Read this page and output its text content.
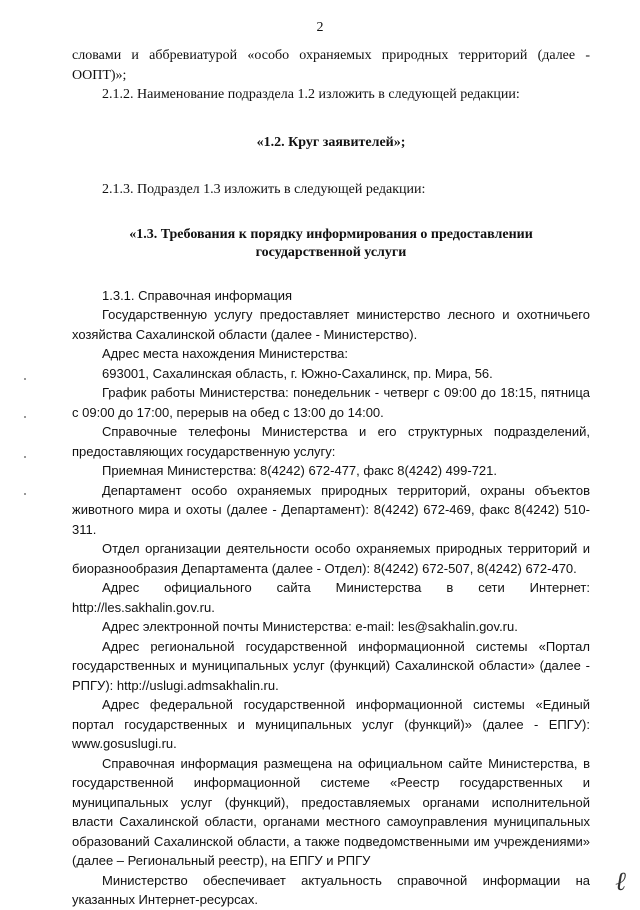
2

словами и аббревиатурой «особо охраняемых природных территорий (далее - ООПТ)»;

2.1.2. Наименование подраздела 1.2 изложить в следующей редакции:

«1.2. Круг заявителей»;

2.1.3. Подраздел 1.3 изложить в следующей редакции:

«1.3. Требования к порядку информирования о предоставлении государственной услуги

1.3.1. Справочная информация

Государственную услугу предоставляет министерство лесного и охотничьего хозяйства Сахалинской области (далее - Министерство).

Адрес места нахождения Министерства:

693001, Сахалинская область, г. Южно-Сахалинск, пр. Мира, 56.

График работы Министерства: понедельник - четверг с 09:00 до 18:15, пятница с 09:00 до 17:00, перерыв на обед с 13:00 до 14:00.

Справочные телефоны Министерства и его структурных подразделений, предоставляющих государственную услугу:

Приемная Министерства: 8(4242) 672-477, факс 8(4242) 499-721.

Департамент особо охраняемых природных территорий, охраны объектов животного мира и охоты (далее - Департамент): 8(4242) 672-469, факс 8(4242) 510-311.

Отдел организации деятельности особо охраняемых природных территорий и биоразнообразия Департамента (далее - Отдел): 8(4242) 672-507, 8(4242) 672-470.

Адрес официального сайта Министерства в сети Интернет: http://les.sakhalin.gov.ru.

Адрес электронной почты Министерства: e-mail: les@sakhalin.gov.ru.

Адрес региональной государственной информационной системы «Портал государственных и муниципальных услуг (функций) Сахалинской области» (далее - РПГУ): http://uslugi.admsakhalin.ru.

Адрес федеральной государственной информационной системы «Единый портал государственных и муниципальных услуг (функций)» (далее - ЕПГУ): www.gosuslugi.ru.

Справочная информация размещена на официальном сайте Министерства, в государственной информационной системе «Реестр государственных и муниципальных услуг (функций), предоставляемых органами исполнительной власти Сахалинской области, органами местного самоуправления муниципальных образований Сахалинской области, а также подведомственными им учреждениями» (далее – Региональный реестр), на ЕПГУ и РПГУ

Министерство обеспечивает актуальность справочной информации на указанных Интернет-ресурсах.

ℓ
